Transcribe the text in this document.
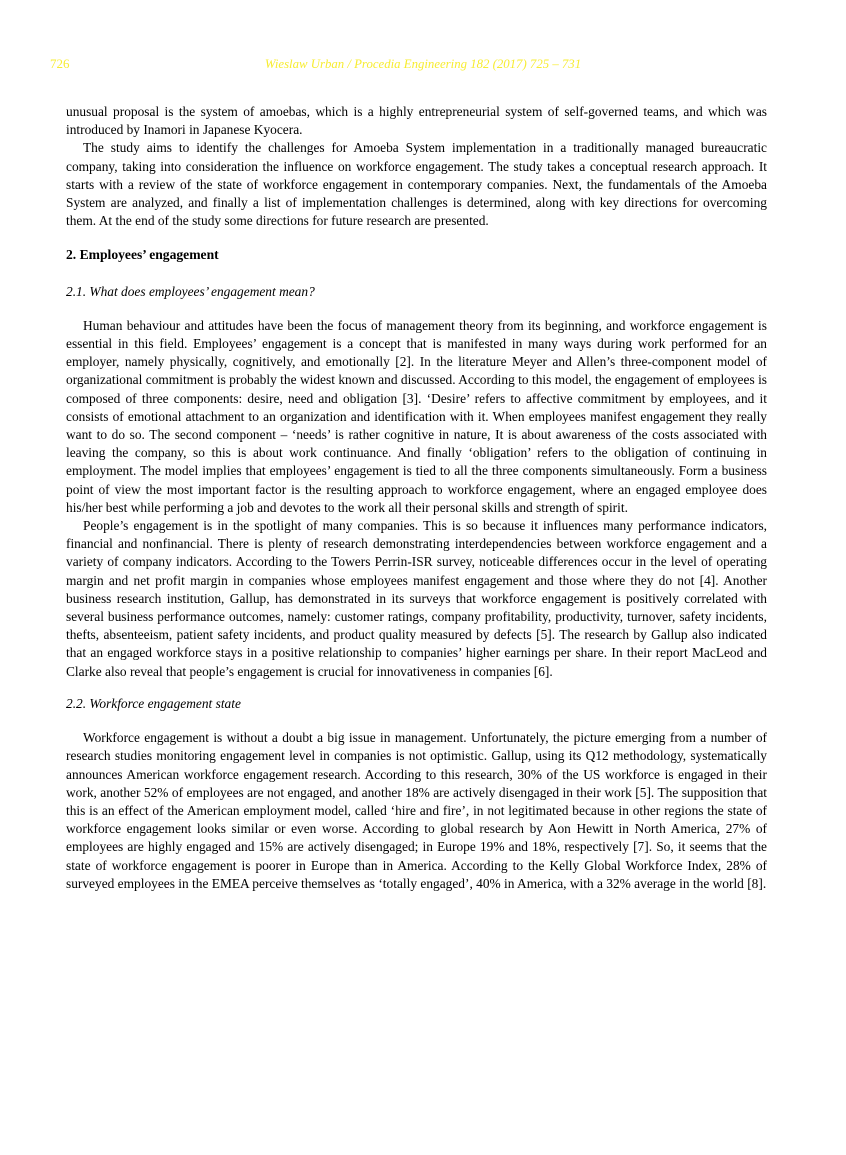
726	Wieslaw Urban / Procedia Engineering 182 (2017) 725 – 731

unusual proposal is the system of amoebas, which is a highly entrepreneurial system of self-governed teams, and which was introduced by Inamori in Japanese Kyocera.

The study aims to identify the challenges for Amoeba System implementation in a traditionally managed bureaucratic company, taking into consideration the influence on workforce engagement. The study takes a conceptual research approach. It starts with a review of the state of workforce engagement in contemporary companies. Next, the fundamentals of the Amoeba System are analyzed, and finally a list of implementation challenges is determined, along with key directions for overcoming them. At the end of the study some directions for future research are presented.

2. Employees’ engagement
2.1. What does employees’ engagement mean?

Human behaviour and attitudes have been the focus of management theory from its beginning, and workforce engagement is essential in this field. Employees’ engagement is a concept that is manifested in many ways during work performed for an employer, namely physically, cognitively, and emotionally [2]. In the literature Meyer and Allen’s three-component model of organizational commitment is probably the widest known and discussed. According to this model, the engagement of employees is composed of three components: desire, need and obligation [3]. ‘Desire’ refers to affective commitment by employees, and it consists of emotional attachment to an organization and identification with it. When employees manifest engagement they really want to do so. The second component – ‘needs’ is rather cognitive in nature, It is about awareness of the costs associated with leaving the company, so this is about work continuance. And finally ‘obligation’ refers to the obligation of continuing in employment. The model implies that employees’ engagement is tied to all the three components simultaneously. Form a business point of view the most important factor is the resulting approach to workforce engagement, where an engaged employee does his/her best while performing a job and devotes to the work all their personal skills and strength of spirit.

People’s engagement is in the spotlight of many companies. This is so because it influences many performance indicators, financial and nonfinancial. There is plenty of research demonstrating interdependencies between workforce engagement and a variety of company indicators. According to the Towers Perrin-ISR survey, noticeable differences occur in the level of operating margin and net profit margin in companies whose employees manifest engagement and those where they do not [4]. Another business research institution, Gallup, has demonstrated in its surveys that workforce engagement is positively correlated with several business performance outcomes, namely: customer ratings, company profitability, productivity, turnover, safety incidents, thefts, absenteeism, patient safety incidents, and product quality measured by defects [5]. The research by Gallup also indicated that an engaged workforce stays in a positive relationship to companies’ higher earnings per share. In their report MacLeod and Clarke also reveal that people’s engagement is crucial for innovativeness in companies [6].

2.2. Workforce engagement state

Workforce engagement is without a doubt a big issue in management. Unfortunately, the picture emerging from a number of research studies monitoring engagement level in companies is not optimistic. Gallup, using its Q12 methodology, systematically announces American workforce engagement research. According to this research, 30% of the US workforce is engaged in their work, another 52% of employees are not engaged, and another 18% are actively disengaged in their work [5]. The supposition that this is an effect of the American employment model, called ‘hire and fire’, in not legitimated because in other regions the state of workforce engagement looks similar or even worse. According to global research by Aon Hewitt in North America, 27% of employees are highly engaged and 15% are actively disengaged; in Europe 19% and 18%, respectively [7]. So, it seems that the state of workforce engagement is poorer in Europe than in America. According to the Kelly Global Workforce Index, 28% of surveyed employees in the EMEA perceive themselves as ‘totally engaged’, 40% in America, with a 32% average in the world [8].
